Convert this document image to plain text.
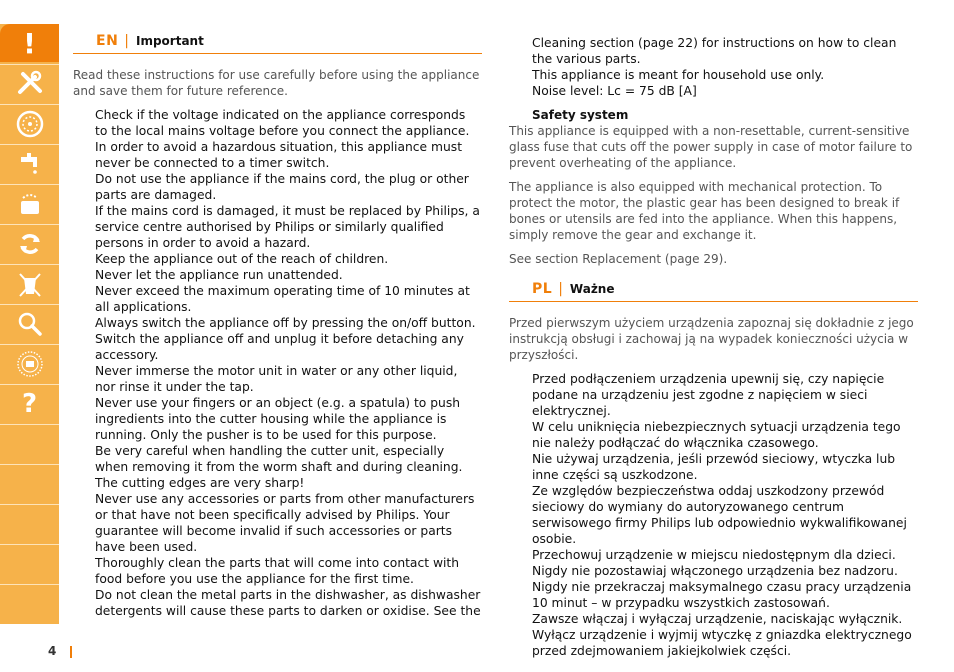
!
?
4
EN | Important

Read these instructions for use carefully before using the appliance and save them for future reference.

Check if the voltage indicated on the appliance corresponds to the local mains voltage before you connect the appliance.
In order to avoid a hazardous situation, this appliance must never be connected to a timer switch.
Do not use the appliance if the mains cord, the plug or other parts are damaged.
If the mains cord is damaged, it must be replaced by Philips, a service centre authorised by Philips or similarly qualified persons in order to avoid a hazard.
Keep the appliance out of the reach of children.
Never let the appliance run unattended.
Never exceed the maximum operating time of 10 minutes at all applications.
Always switch the appliance off by pressing the on/off button.
Switch the appliance off and unplug it before detaching any accessory.
Never immerse the motor unit in water or any other liquid, nor rinse it under the tap.
Never use your fingers or an object (e.g. a spatula) to push ingredients into the cutter housing while the appliance is running. Only the pusher is to be used for this purpose.
Be very careful when handling the cutter unit, especially when removing it from the worm shaft and during cleaning. The cutting edges are very sharp!
Never use any accessories or parts from other manufacturers or that have not been specifically advised by Philips. Your guarantee will become invalid if such accessories or parts have been used.
Thoroughly clean the parts that will come into contact with food before you use the appliance for the first time.
Do not clean the metal parts in the dishwasher, as dishwasher detergents will cause these parts to darken or oxidise. See the
Cleaning section (page 22) for instructions on how to clean the various parts.
This appliance is meant for household use only.
Noise level: Lc = 75 dB [A]
Safety system

This appliance is equipped with a non-resettable, current-sensitive glass fuse that cuts off the power supply in case of motor failure to prevent overheating of the appliance.

The appliance is also equipped with mechanical protection. To protect the motor, the plastic gear has been designed to break if bones or utensils are fed into the appliance. When this happens, simply remove the gear and exchange it.

See section Replacement (page 29).

PL | Ważne

Przed pierwszym użyciem urządzenia zapoznaj się dokładnie z jego instrukcją obsługi i zachowaj ją na wypadek konieczności użycia w przyszłości.

Przed podłączeniem urządzenia upewnij się, czy napięcie podane na urządzeniu jest zgodne z napięciem w sieci elektrycznej.
W celu uniknięcia niebezpiecznych sytuacji urządzenia tego nie należy podłączać do włącznika czasowego.
Nie używaj urządzenia, jeśli przewód sieciowy, wtyczka lub inne części są uszkodzone.
Ze względów bezpieczeństwa oddaj uszkodzony przewód sieciowy do wymiany do autoryzowanego centrum serwisowego firmy Philips lub odpowiednio wykwalifikowanej osobie.
Przechowuj urządzenie w miejscu niedostępnym dla dzieci.
Nigdy nie pozostawiaj włączonego urządzenia bez nadzoru.
Nigdy nie przekraczaj maksymalnego czasu pracy urządzenia 10 minut – w przypadku wszystkich zastosowań.
Zawsze włączaj i wyłączaj urządzenie, naciskając wyłącznik.
Wyłącz urządzenie i wyjmij wtyczkę z gniazdka elektrycznego przed zdejmowaniem jakiejkolwiek części.
